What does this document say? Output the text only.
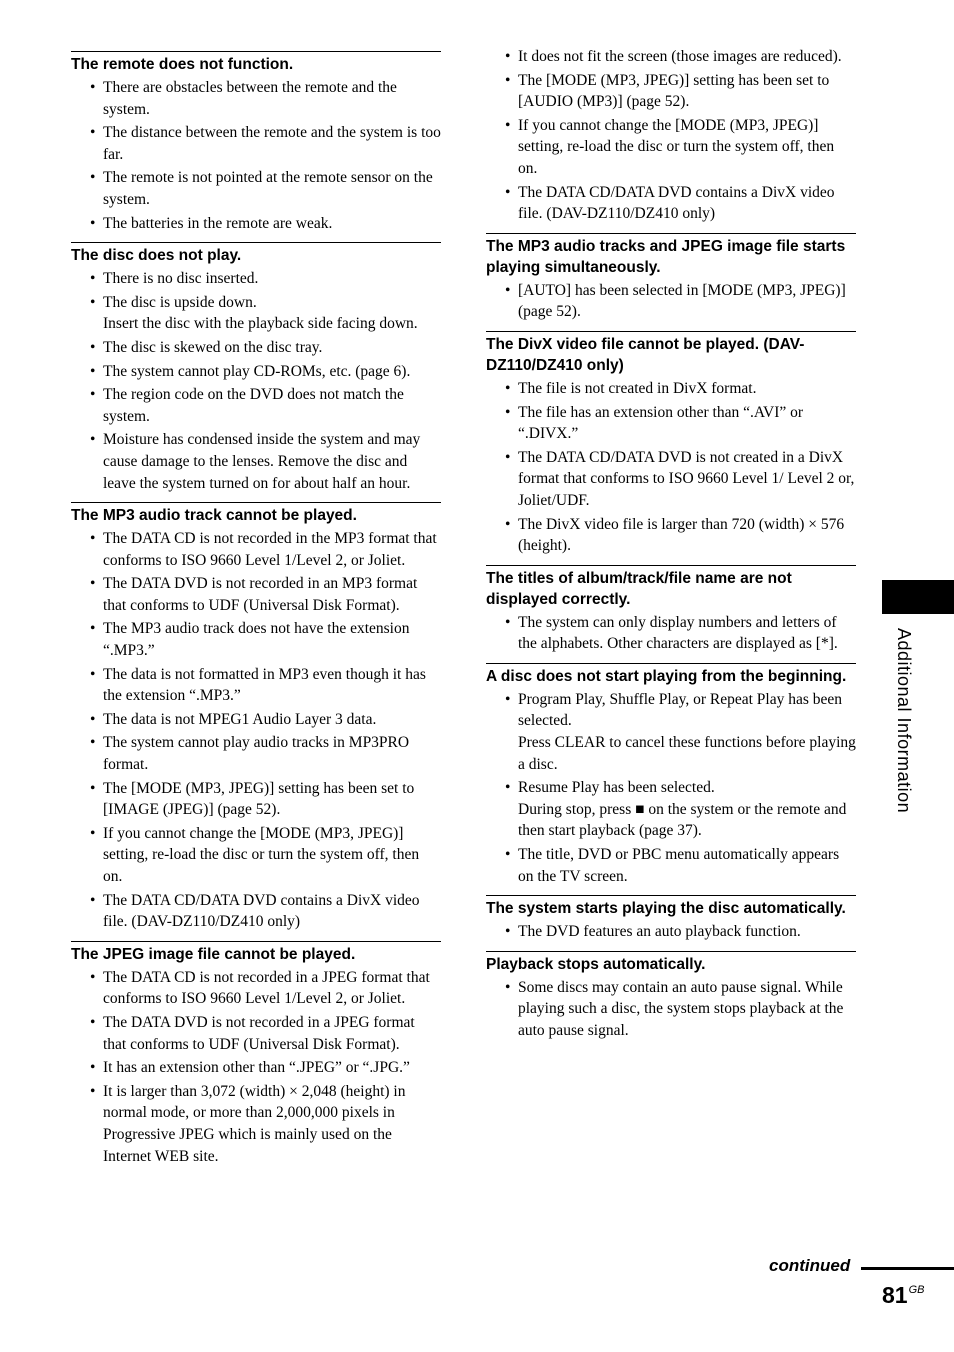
The remote does not function.
• There are obstacles between the remote and the system.
• The distance between the remote and the system is too far.
• The remote is not pointed at the remote sensor on the system.
• The batteries in the remote are weak.
The disc does not play.
• There is no disc inserted.
• The disc is upside down.
Insert the disc with the playback side facing down.
• The disc is skewed on the disc tray.
• The system cannot play CD-ROMs, etc. (page 6).
• The region code on the DVD does not match the system.
• Moisture has condensed inside the system and may cause damage to the lenses. Remove the disc and leave the system turned on for about half an hour.
The MP3 audio track cannot be played.
• The DATA CD is not recorded in the MP3 format that conforms to ISO 9660 Level 1/Level 2, or Joliet.
• The DATA DVD is not recorded in an MP3 format that conforms to UDF (Universal Disk Format).
• The MP3 audio track does not have the extension “.MP3.”
• The data is not formatted in MP3 even though it has the extension “.MP3.”
• The data is not MPEG1 Audio Layer 3 data.
• The system cannot play audio tracks in MP3PRO format.
• The [MODE (MP3, JPEG)] setting has been set to [IMAGE (JPEG)] (page 52).
• If you cannot change the [MODE (MP3, JPEG)] setting, re-load the disc or turn the system off, then on.
• The DATA CD/DATA DVD contains a DivX video file. (DAV-DZ110/DZ410 only)
The JPEG image file cannot be played.
• The DATA CD is not recorded in a JPEG format that conforms to ISO 9660 Level 1/Level 2, or Joliet.
• The DATA DVD is not recorded in a JPEG format that conforms to UDF (Universal Disk Format).
• It has an extension other than “.JPEG” or “.JPG.”
• It is larger than 3,072 (width) × 2,048 (height) in normal mode, or more than 2,000,000 pixels in Progressive JPEG which is mainly used on the Internet WEB site.
• It does not fit the screen (those images are reduced).
• The [MODE (MP3, JPEG)] setting has been set to [AUDIO (MP3)] (page 52).
• If you cannot change the [MODE (MP3, JPEG)] setting, re-load the disc or turn the system off, then on.
• The DATA CD/DATA DVD contains a DivX video file. (DAV-DZ110/DZ410 only)
The MP3 audio tracks and JPEG image file starts playing simultaneously.
• [AUTO] has been selected in [MODE (MP3, JPEG)] (page 52).
The DivX video file cannot be played. (DAV-DZ110/DZ410 only)
• The file is not created in DivX format.
• The file has an extension other than “.AVI” or “.DIVX.”
• The DATA CD/DATA DVD is not created in a DivX format that conforms to ISO 9660 Level 1/ Level 2 or, Joliet/UDF.
• The DivX video file is larger than 720 (width) × 576 (height).
The titles of album/track/file name are not displayed correctly.
• The system can only display numbers and letters of the alphabets. Other characters are displayed as [*].
A disc does not start playing from the beginning.
• Program Play, Shuffle Play, or Repeat Play has been selected.
Press CLEAR to cancel these functions before playing a disc.
• Resume Play has been selected.
During stop, press ■ on the system or the remote and then start playback (page 37).
• The title, DVD or PBC menu automatically appears on the TV screen.
The system starts playing the disc automatically.
• The DVD features an auto playback function.
Playback stops automatically.
• Some discs may contain an auto pause signal. While playing such a disc, the system stops playback at the auto pause signal.
Additional Information
continued
$81^{GB}$
